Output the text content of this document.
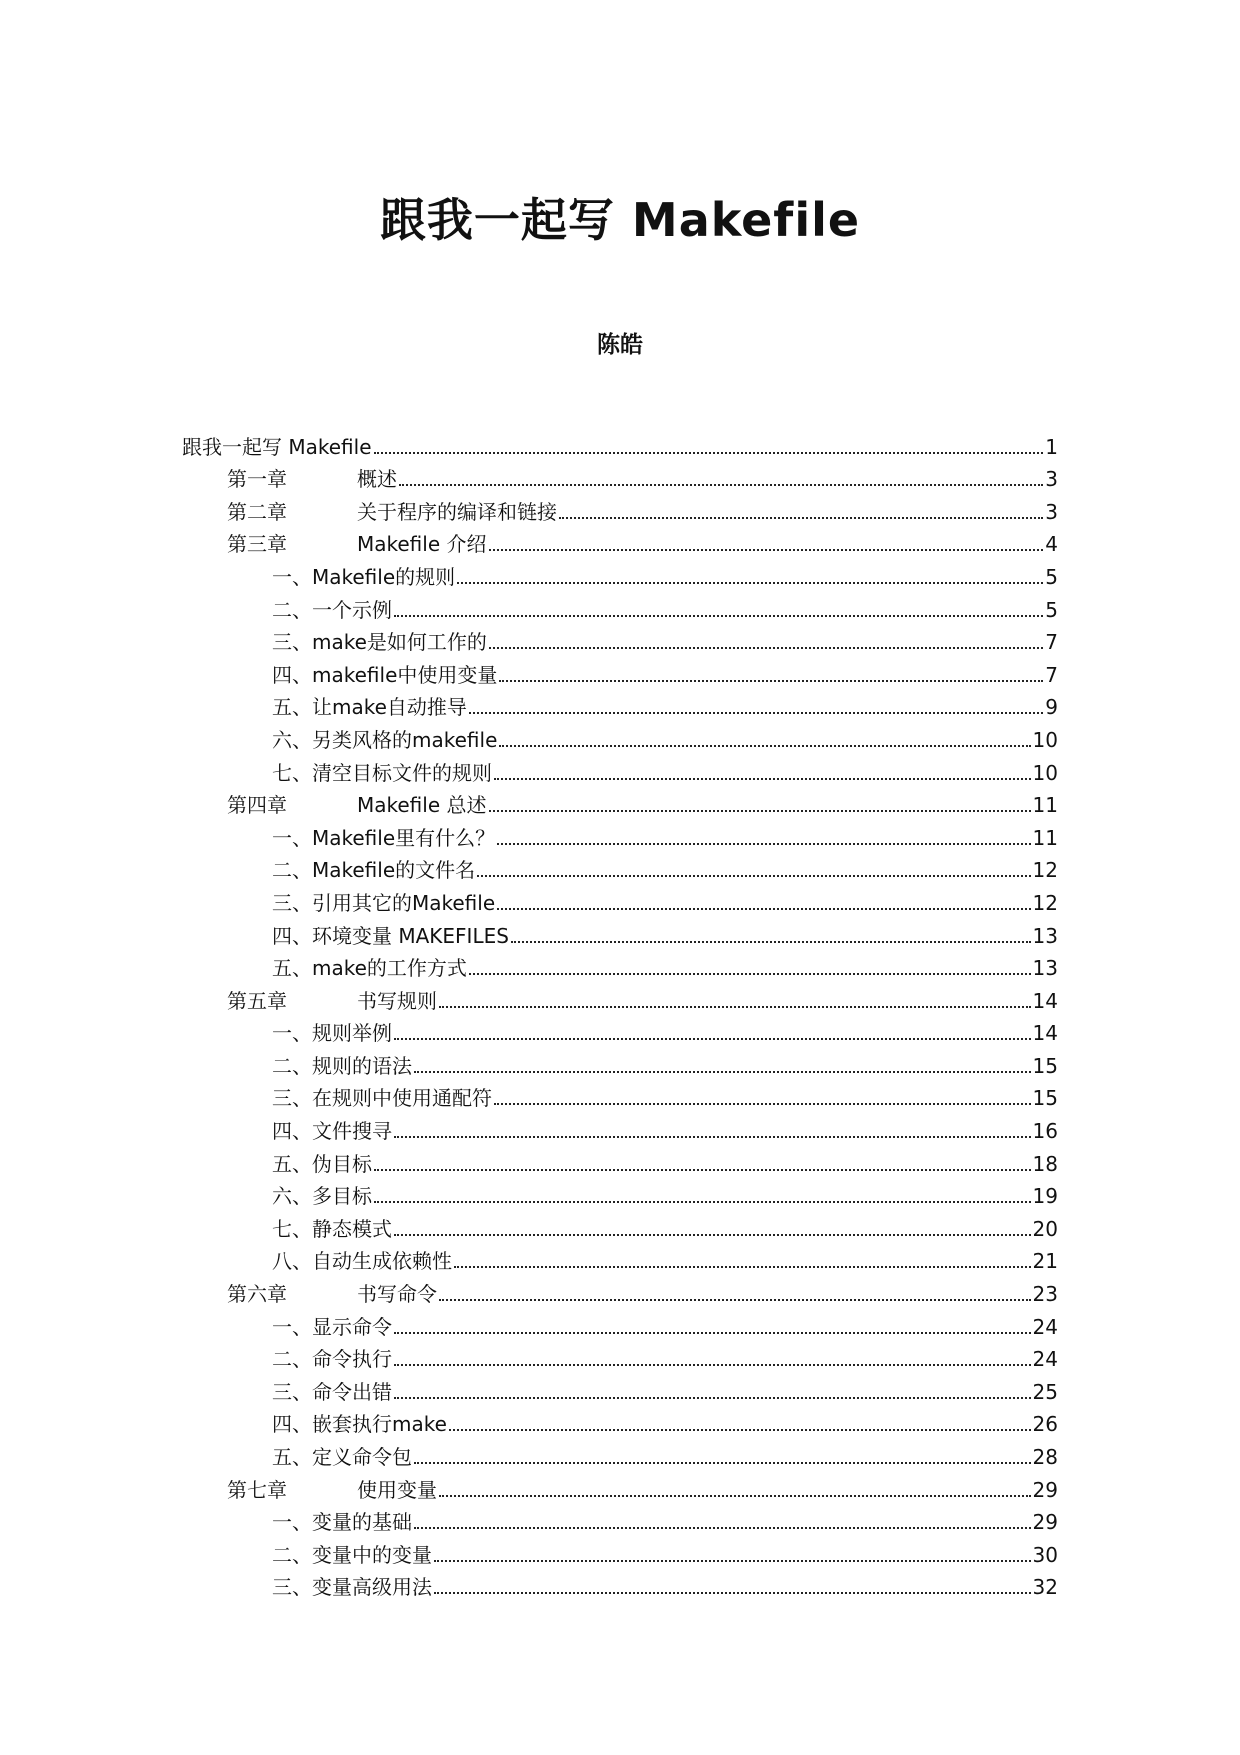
跟我一起写 Makefile
陈皓
跟我一起写 Makefile	1
第一章	概述	3
第二章	关于程序的编译和链接	3
第三章	Makefile 介绍	4
一、Makefile的规则	5
二、一个示例	5
三、make是如何工作的	7
四、makefile中使用变量	7
五、让make自动推导	9
六、另类风格的makefile	10
七、清空目标文件的规则	10
第四章	Makefile 总述	11
一、Makefile里有什么？	11
二、Makefile的文件名	12
三、引用其它的Makefile	12
四、环境变量 MAKEFILES	13
五、make的工作方式	13
第五章	书写规则	14
一、规则举例	14
二、规则的语法	15
三、在规则中使用通配符	15
四、文件搜寻	16
五、伪目标	18
六、多目标	19
七、静态模式	20
八、自动生成依赖性	21
第六章	书写命令	23
一、显示命令	24
二、命令执行	24
三、命令出错	25
四、嵌套执行make	26
五、定义命令包	28
第七章	使用变量	29
一、变量的基础	29
二、变量中的变量	30
三、变量高级用法	32
